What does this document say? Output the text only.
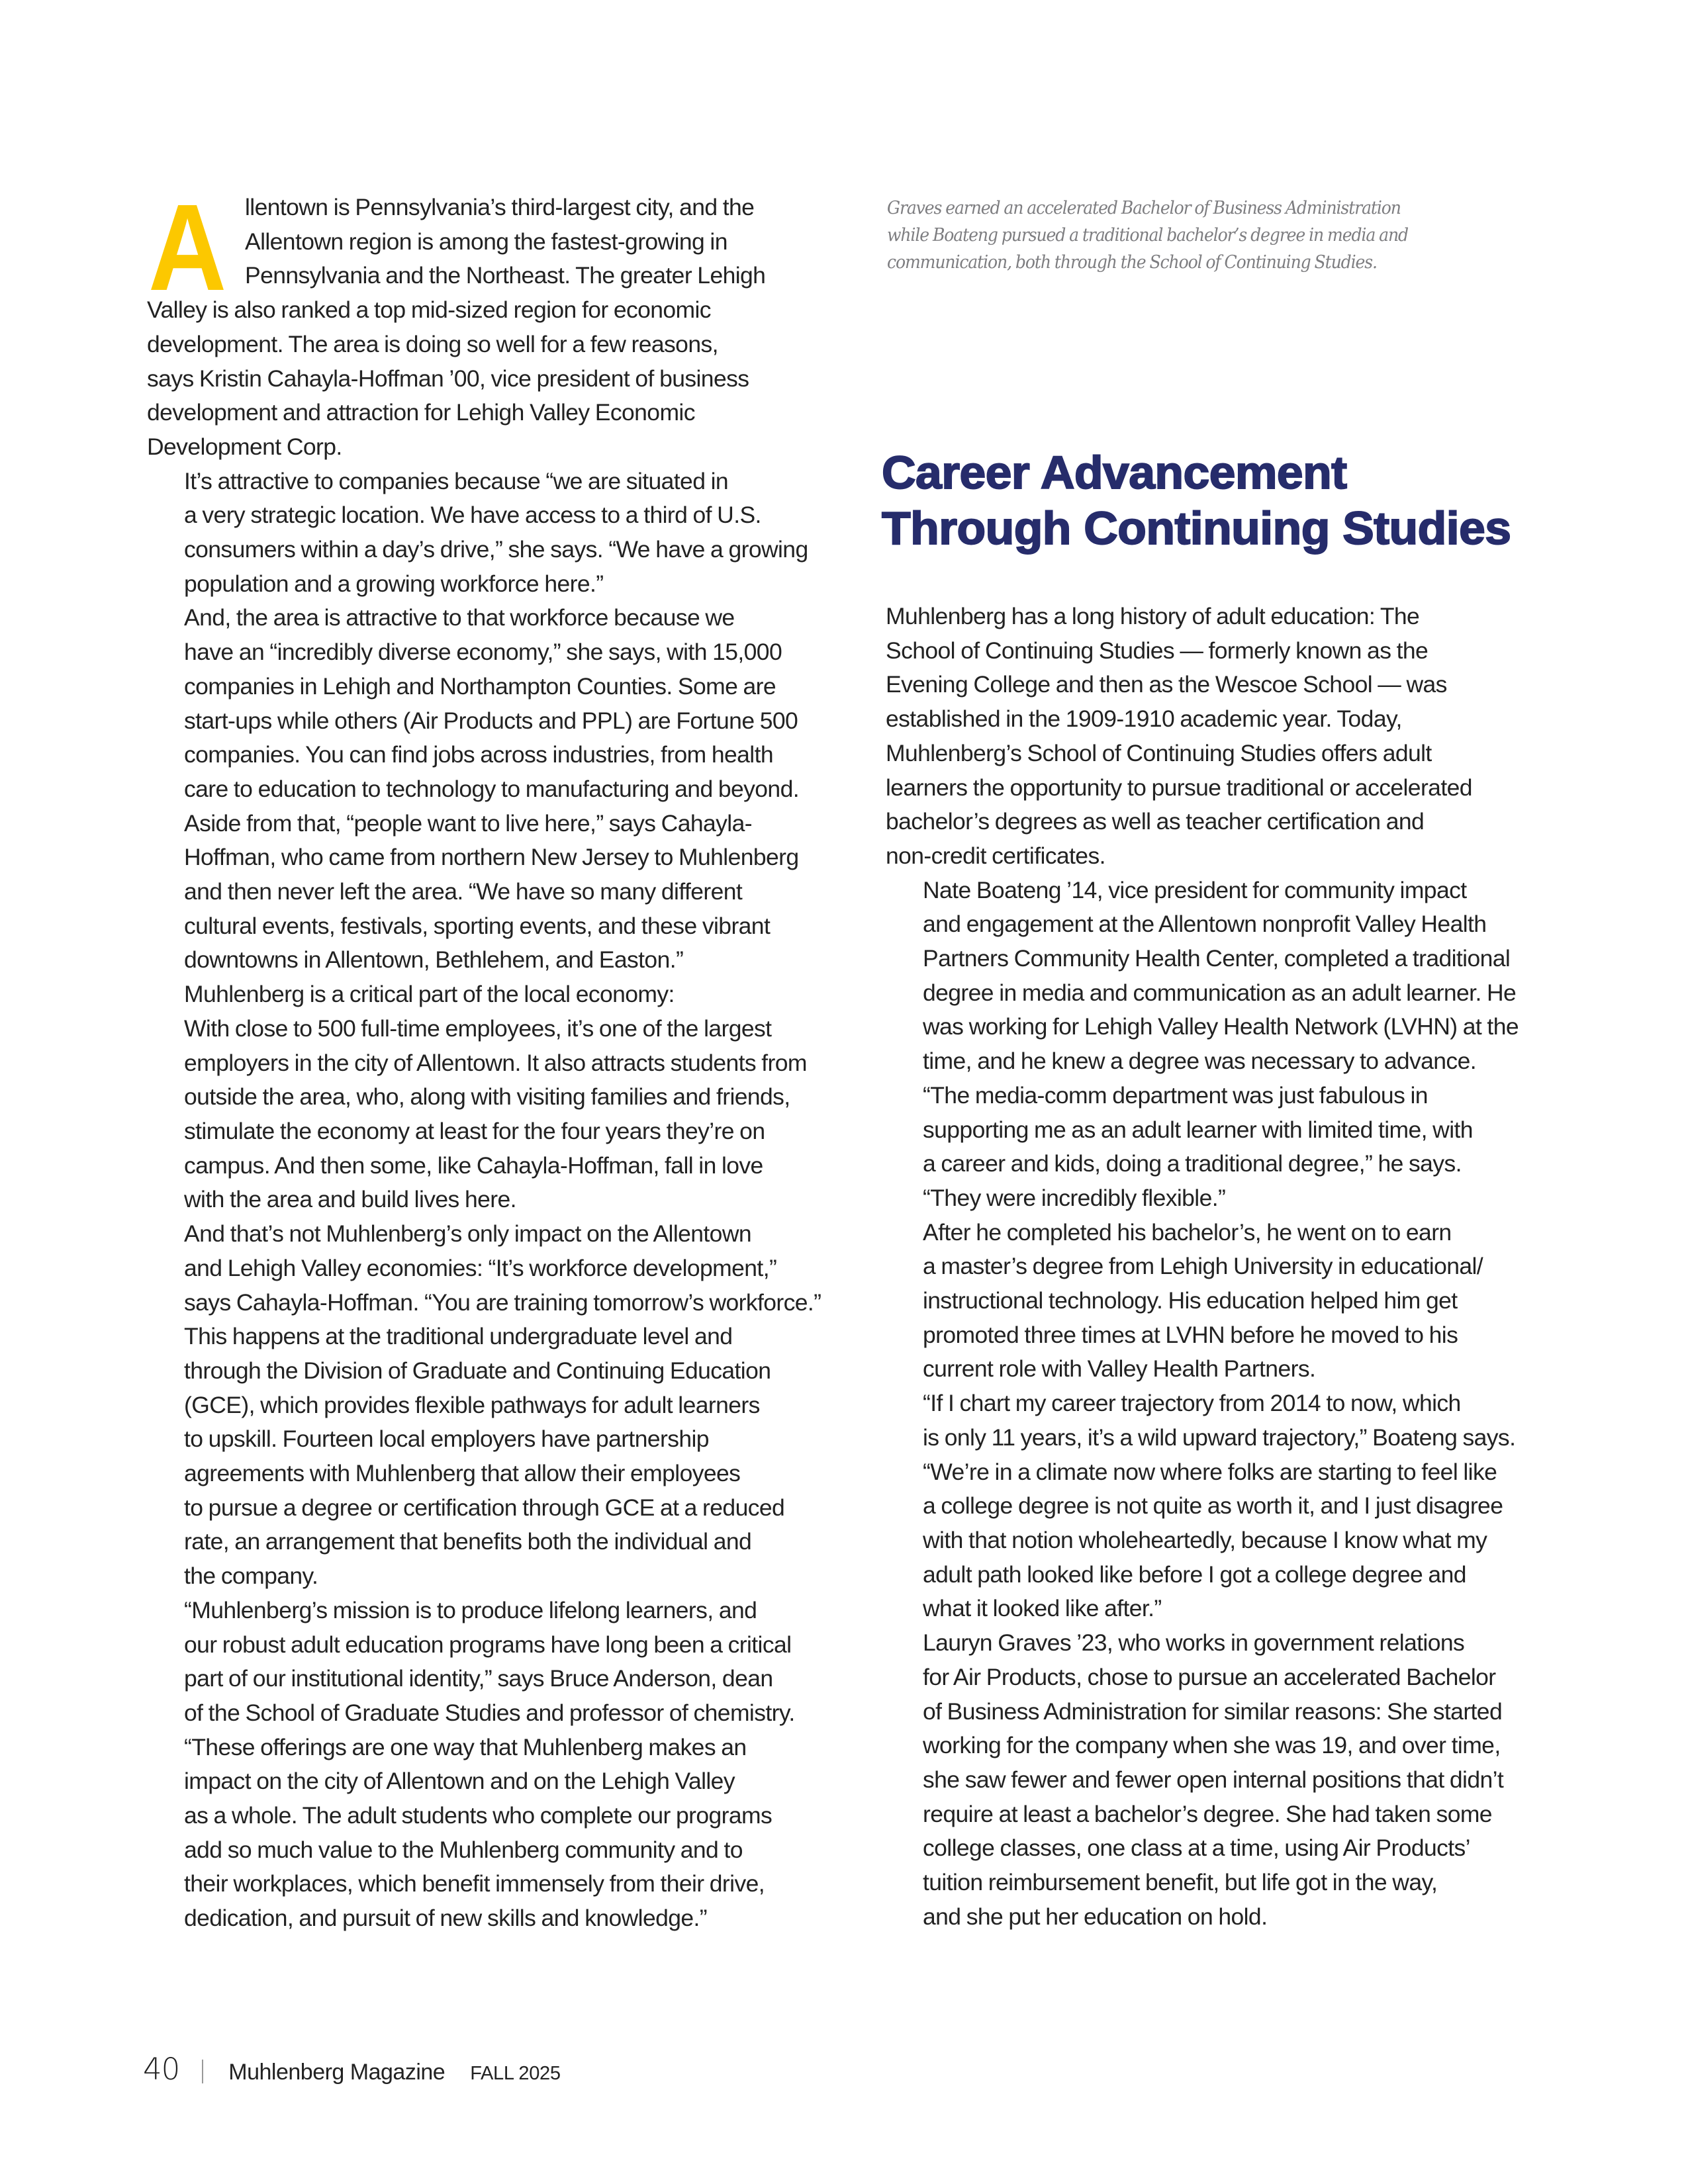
A llentown is Pennsylvania’s third-largest city, and the
Allentown region is among the fastest-growing in
Pennsylvania and the Northeast. The greater Lehigh
Valley is also ranked a top mid-sized region for economic
development. The area is doing so well for a few reasons,
says Kristin Cahayla-Hoffman ’00, vice president of business
development and attraction for Lehigh Valley Economic
Development Corp.

It’s attractive to companies because “we are situated in
a very strategic location. We have access to a third of U.S.
consumers within a day’s drive,” she says. “We have a growing
population and a growing workforce here.”

And, the area is attractive to that workforce because we
have an “incredibly diverse economy,” she says, with 15,000
companies in Lehigh and Northampton Counties. Some are
start-ups while others (Air Products and PPL) are Fortune 500
companies. You can find jobs across industries, from health
care to education to technology to manufacturing and beyond.

Aside from that, “people want to live here,” says Cahayla-
Hoffman, who came from northern New Jersey to Muhlenberg
and then never left the area. “We have so many different
cultural events, festivals, sporting events, and these vibrant
downtowns in Allentown, Bethlehem, and Easton.”

Muhlenberg is a critical part of the local economy:
With close to 500 full-time employees, it’s one of the largest
employers in the city of Allentown. It also attracts students from
outside the area, who, along with visiting families and friends,
stimulate the economy at least for the four years they’re on
campus. And then some, like Cahayla-Hoffman, fall in love
with the area and build lives here.

And that’s not Muhlenberg’s only impact on the Allentown
and Lehigh Valley economies: “It’s workforce development,”
says Cahayla-Hoffman. “You are training tomorrow’s workforce.”
This happens at the traditional undergraduate level and
through the Division of Graduate and Continuing Education
(GCE), which provides flexible pathways for adult learners
to upskill. Fourteen local employers have partnership
agreements with Muhlenberg that allow their employees
to pursue a degree or certification through GCE at a reduced
rate, an arrangement that benefits both the individual and
the company.

“Muhlenberg’s mission is to produce lifelong learners, and
our robust adult education programs have long been a critical
part of our institutional identity,” says Bruce Anderson, dean
of the School of Graduate Studies and professor of chemistry.
“These offerings are one way that Muhlenberg makes an
impact on the city of Allentown and on the Lehigh Valley
as a whole. The adult students who complete our programs
add so much value to the Muhlenberg community and to
their workplaces, which benefit immensely from their drive,
dedication, and pursuit of new skills and knowledge.”

Graves earned an accelerated Bachelor of Business Administration
while Boateng pursued a traditional bachelor’s degree in media and
communication, both through the School of Continuing Studies.
Career Advancement
Through Continuing Studies

Muhlenberg has a long history of adult education: The
School of Continuing Studies — formerly known as the
Evening College and then as the Wescoe School — was
established in the 1909-1910 academic year. Today,
Muhlenberg’s School of Continuing Studies offers adult
learners the opportunity to pursue traditional or accelerated
bachelor’s degrees as well as teacher certification and
non-credit certificates.

Nate Boateng ’14, vice president for community impact
and engagement at the Allentown nonprofit Valley Health
Partners Community Health Center, completed a traditional
degree in media and communication as an adult learner. He
was working for Lehigh Valley Health Network (LVHN) at the
time, and he knew a degree was necessary to advance.

“The media-comm department was just fabulous in
supporting me as an adult learner with limited time, with
a career and kids, doing a traditional degree,” he says.
“They were incredibly flexible.”

After he completed his bachelor’s, he went on to earn
a master’s degree from Lehigh University in educational/
instructional technology. His education helped him get
promoted three times at LVHN before he moved to his
current role with Valley Health Partners.

“If I chart my career trajectory from 2014 to now, which
is only 11 years, it’s a wild upward trajectory,” Boateng says.
“We’re in a climate now where folks are starting to feel like
a college degree is not quite as worth it, and I just disagree
with that notion wholeheartedly, because I know what my
adult path looked like before I got a college degree and
what it looked like after.”

Lauryn Graves ’23, who works in government relations
for Air Products, chose to pursue an accelerated Bachelor
of Business Administration for similar reasons: She started
working for the company when she was 19, and over time,
she saw fewer and fewer open internal positions that didn’t
require at least a bachelor’s degree. She had taken some
college classes, one class at a time, using Air Products’
tuition reimbursement benefit, but life got in the way,
and she put her education on hold.

40 Muhlenberg Magazine FALL 2025
